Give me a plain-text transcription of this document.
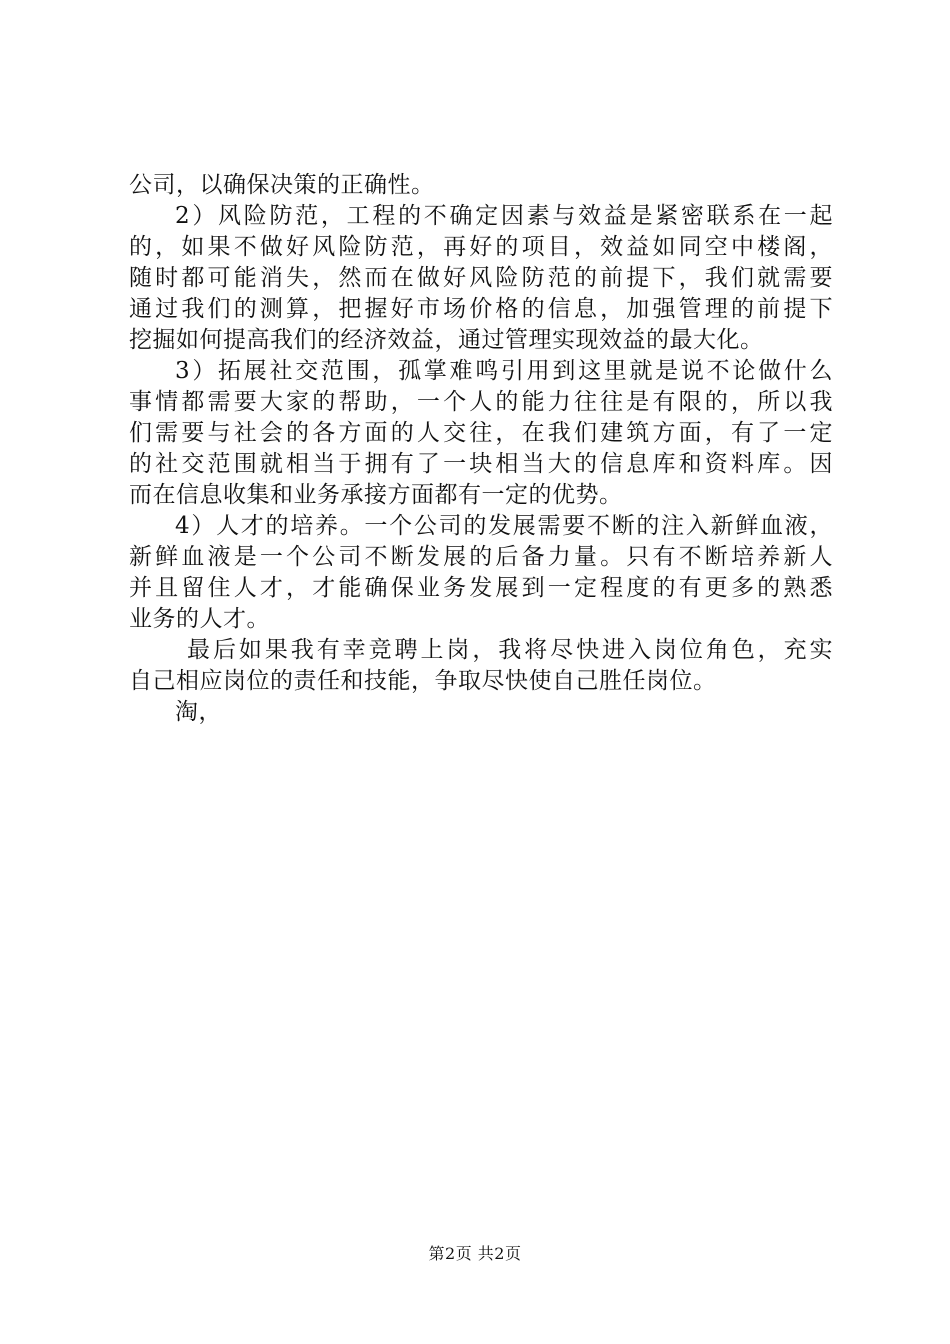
公司，以确保决策的正确性。
2）风险防范，工程的不确定因素与效益是紧密联系在一起
的，如果不做好风险防范，再好的项目，效益如同空中楼阁，
随时都可能消失，然而在做好风险防范的前提下，我们就需要
通过我们的测算，把握好市场价格的信息，加强管理的前提下
挖掘如何提高我们的经济效益，通过管理实现效益的最大化。
3）拓展社交范围，孤掌难鸣引用到这里就是说不论做什么
事情都需要大家的帮助，一个人的能力往往是有限的，所以我
们需要与社会的各方面的人交往，在我们建筑方面，有了一定
的社交范围就相当于拥有了一块相当大的信息库和资料库。因
而在信息收集和业务承接方面都有一定的优势。
4）人才的培养。一个公司的发展需要不断的注入新鲜血液，
新鲜血液是一个公司不断发展的后备力量。只有不断培养新人
并且留住人才，才能确保业务发展到一定程度的有更多的熟悉
业务的人才。
最后如果我有幸竞聘上岗，我将尽快进入岗位角色，充实
自己相应岗位的责任和技能，争取尽快使自己胜任岗位。
淘，
第2页 共2页
